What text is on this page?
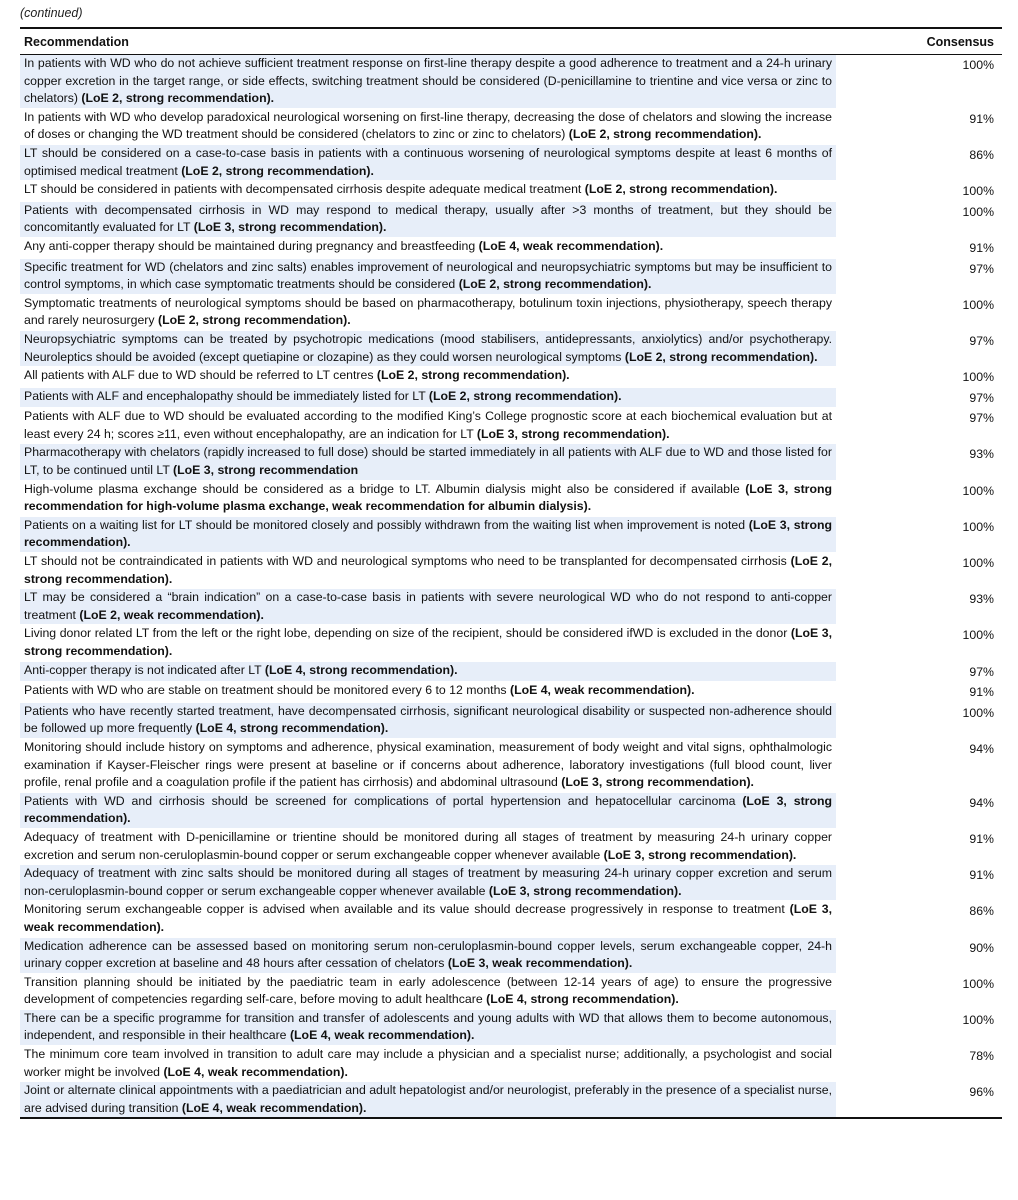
(continued)
Recommendation	Consensus
In patients with WD who do not achieve sufficient treatment response on first-line therapy despite a good adherence to treatment and a 24-h urinary copper excretion in the target range, or side effects, switching treatment should be considered (D-penicillamine to trientine and vice versa or zinc to chelators) (LoE 2, strong recommendation).	100%
In patients with WD who develop paradoxical neurological worsening on first-line therapy, decreasing the dose of chelators and slowing the increase of doses or changing the WD treatment should be considered (chelators to zinc or zinc to chelators) (LoE 2, strong recommendation).	91%
LT should be considered on a case-to-case basis in patients with a continuous worsening of neurological symptoms despite at least 6 months of optimised medical treatment (LoE 2, strong recommendation).	86%
LT should be considered in patients with decompensated cirrhosis despite adequate medical treatment (LoE 2, strong recommendation).	100%
Patients with decompensated cirrhosis in WD may respond to medical therapy, usually after >3 months of treatment, but they should be concomitantly evaluated for LT (LoE 3, strong recommendation).	100%
Any anti-copper therapy should be maintained during pregnancy and breastfeeding (LoE 4, weak recommendation).	91%
Specific treatment for WD (chelators and zinc salts) enables improvement of neurological and neuropsychiatric symptoms but may be insufficient to control symptoms, in which case symptomatic treatments should be considered (LoE 2, strong recommendation).	97%
Symptomatic treatments of neurological symptoms should be based on pharmacotherapy, botulinum toxin injections, physiotherapy, speech therapy and rarely neurosurgery (LoE 2, strong recommendation).	100%
Neuropsychiatric symptoms can be treated by psychotropic medications (mood stabilisers, antidepressants, anxiolytics) and/or psychotherapy. Neuroleptics should be avoided (except quetiapine or clozapine) as they could worsen neurological symptoms (LoE 2, strong recommendation).	97%
All patients with ALF due to WD should be referred to LT centres (LoE 2, strong recommendation).	100%
Patients with ALF and encephalopathy should be immediately listed for LT (LoE 2, strong recommendation).	97%
Patients with ALF due to WD should be evaluated according to the modified King’s College prognostic score at each biochemical evaluation but at least every 24 h; scores ≥11, even without encephalopathy, are an indication for LT (LoE 3, strong recommendation).	97%
Pharmacotherapy with chelators (rapidly increased to full dose) should be started immediately in all patients with ALF due to WD and those listed for LT, to be continued until LT (LoE 3, strong recommendation	93%
High-volume plasma exchange should be considered as a bridge to LT. Albumin dialysis might also be considered if available (LoE 3, strong recommendation for high-volume plasma exchange, weak recommendation for albumin dialysis).	100%
Patients on a waiting list for LT should be monitored closely and possibly withdrawn from the waiting list when improvement is noted (LoE 3, strong recommendation).	100%
LT should not be contraindicated in patients with WD and neurological symptoms who need to be transplanted for decompensated cirrhosis (LoE 2, strong recommendation).	100%
LT may be considered a “brain indication” on a case-to-case basis in patients with severe neurological WD who do not respond to anti-copper treatment (LoE 2, weak recommendation).	93%
Living donor related LT from the left or the right lobe, depending on size of the recipient, should be considered ifWD is excluded in the donor (LoE 3, strong recommendation).	100%
Anti-copper therapy is not indicated after LT (LoE 4, strong recommendation).	97%
Patients with WD who are stable on treatment should be monitored every 6 to 12 months (LoE 4, weak recommendation).	91%
Patients who have recently started treatment, have decompensated cirrhosis, significant neurological disability or suspected non-adherence should be followed up more frequently (LoE 4, strong recommendation).	100%
Monitoring should include history on symptoms and adherence, physical examination, measurement of body weight and vital signs, ophthalmologic examination if Kayser-Fleischer rings were present at baseline or if concerns about adherence, laboratory investigations (full blood count, liver profile, renal profile and a coagulation profile if the patient has cirrhosis) and abdominal ultrasound (LoE 3, strong recommendation).	94%
Patients with WD and cirrhosis should be screened for complications of portal hypertension and hepatocellular carcinoma (LoE 3, strong recommendation).	94%
Adequacy of treatment with D-penicillamine or trientine should be monitored during all stages of treatment by measuring 24-h urinary copper excretion and serum non-ceruloplasmin-bound copper or serum exchangeable copper whenever available (LoE 3, strong recommendation).	91%
Adequacy of treatment with zinc salts should be monitored during all stages of treatment by measuring 24-h urinary copper excretion and serum non-ceruloplasmin-bound copper or serum exchangeable copper whenever available (LoE 3, strong recommendation).	91%
Monitoring serum exchangeable copper is advised when available and its value should decrease progressively in response to treatment (LoE 3, weak recommendation).	86%
Medication adherence can be assessed based on monitoring serum non-ceruloplasmin-bound copper levels, serum exchangeable copper, 24-h urinary copper excretion at baseline and 48 hours after cessation of chelators (LoE 3, weak recommendation).	90%
Transition planning should be initiated by the paediatric team in early adolescence (between 12-14 years of age) to ensure the progressive development of competencies regarding self-care, before moving to adult healthcare (LoE 4, strong recommendation).	100%
There can be a specific programme for transition and transfer of adolescents and young adults with WD that allows them to become autonomous, independent, and responsible in their healthcare (LoE 4, weak recommendation).	100%
The minimum core team involved in transition to adult care may include a physician and a specialist nurse; additionally, a psychologist and social worker might be involved (LoE 4, weak recommendation).	78%
Joint or alternate clinical appointments with a paediatrician and adult hepatologist and/or neurologist, preferably in the presence of a specialist nurse, are advised during transition (LoE 4, weak recommendation).	96%
